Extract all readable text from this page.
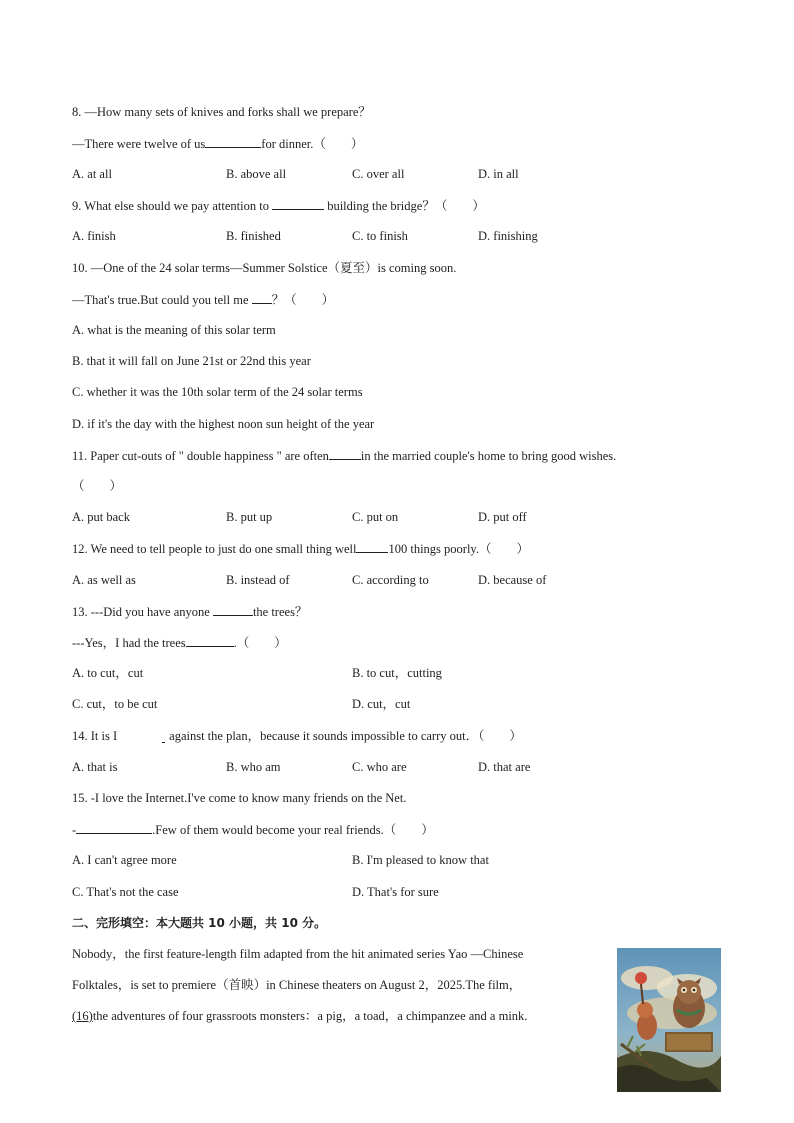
8. —How many sets of knives and forks shall we prepare？
—There were twelve of us	for dinner.（　　）
A. at all	B. above all	C. over all	D. in all
9. What else should we pay attention to	building the bridge？（　　）
A. finish	B. finished	C. to finish	D. finishing
10. —One of the 24 solar terms—Summer Solstice（夏至）is coming soon.
—That's true.But could you tell me ？（　　）
A. what is the meaning of this solar term
B. that it will fall on June 21st or 22nd this year
C. whether it was the 10th solar term of the 24 solar terms
D. if it's the day with the highest noon sun height of the year
11. Paper cut-outs of " double happiness " are often	in the married couple's home to bring good wishes.
（　　）
A. put back	B. put up	C. put on	D. put off
12. We need to tell people to just do one small thing well	100 things poorly.（　　）
A. as well as	B. instead of	C. according to	D. because of
13. ---Did you have anyone	the trees？
---Yes，I had the trees	.（　　）
A. to cut，cut	B. to cut，cutting
C. cut，to be cut	D. cut，cut
14. It is I	against the plan，because it sounds impossible to carry out．（　　）
A. that is	B. who am	C. who are	D. that are
15. -I love the Internet.I've come to know many friends on the Net.
-	.Few of them would become your real friends.（　　）
A. I can't agree more	B. I'm pleased to know that
C. That's not the case	D. That's for sure
二、完形填空：本大题共 10 小题，共 10 分。
Nobody，the first feature-length film adapted from the hit animated series Yao —Chinese
Folktales，is set to premiere（首映）in Chinese theaters on August 2，2025.The film，
(16)the adventures of four grassroots monsters：a pig，a toad，a chimpanzee and a mink.
